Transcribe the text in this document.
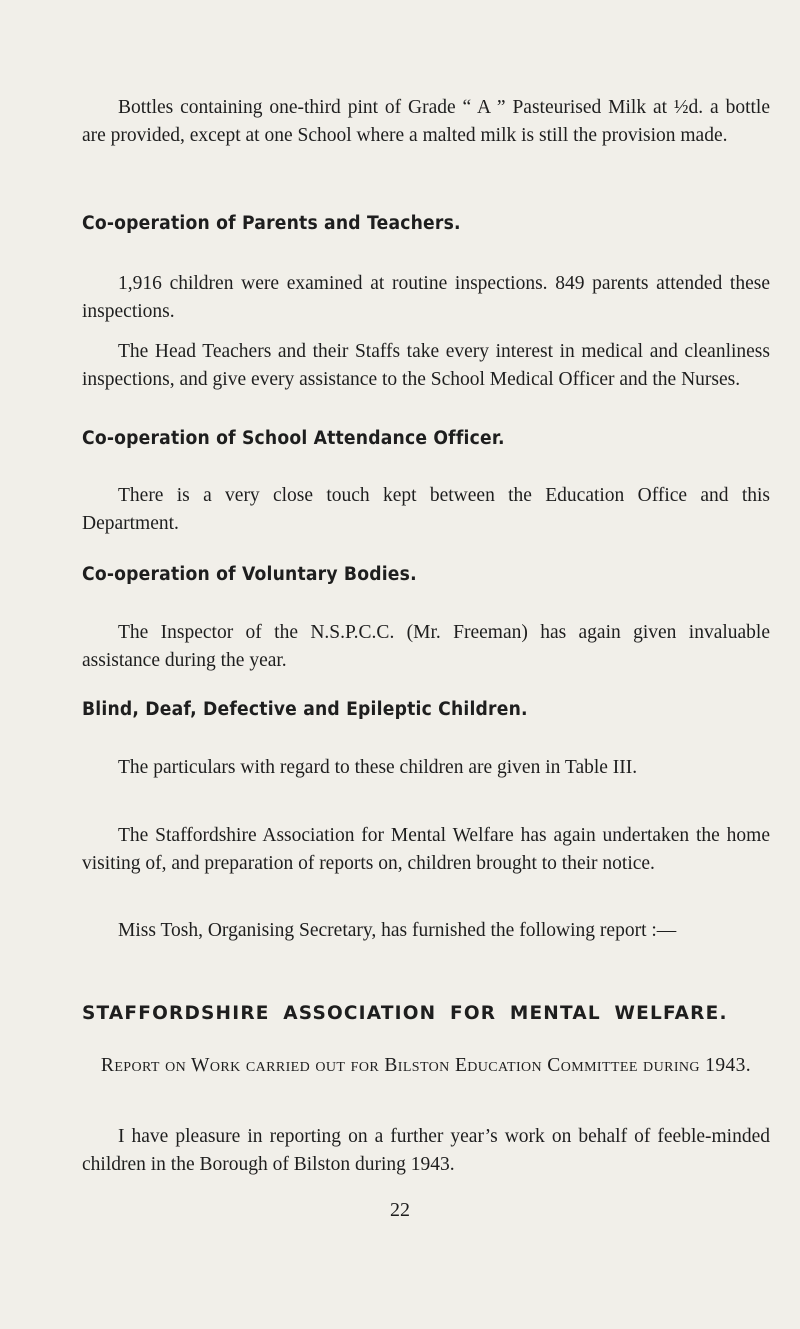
Bottles containing one-third pint of Grade “ A ” Pasteurised Milk at ½d. a bottle are provided, except at one School where a malted milk is still the provision made.

Co-operation of Parents and Teachers.

1,916 children were examined at routine inspections. 849 parents attended these inspections.

The Head Teachers and their Staffs take every interest in medical and cleanliness inspections, and give every assistance to the School Medical Officer and the Nurses.

Co-operation of School Attendance Officer.

There is a very close touch kept between the Education Office and this Department.

Co-operation of Voluntary Bodies.

The Inspector of the N.S.P.C.C. (Mr. Freeman) has again given invaluable assistance during the year.

Blind, Deaf, Defective and Epileptic Children.

The particulars with regard to these children are given in Table III.

The Staffordshire Association for Mental Welfare has again undertaken the home visiting of, and preparation of reports on, children brought to their notice.

Miss Tosh, Organising Secretary, has furnished the following report :—

STAFFORDSHIRE ASSOCIATION FOR MENTAL WELFARE.

Report on Work carried out for Bilston Education Committee during 1943.

I have pleasure in reporting on a further year’s work on behalf of feeble-minded children in the Borough of Bilston during 1943.

22
